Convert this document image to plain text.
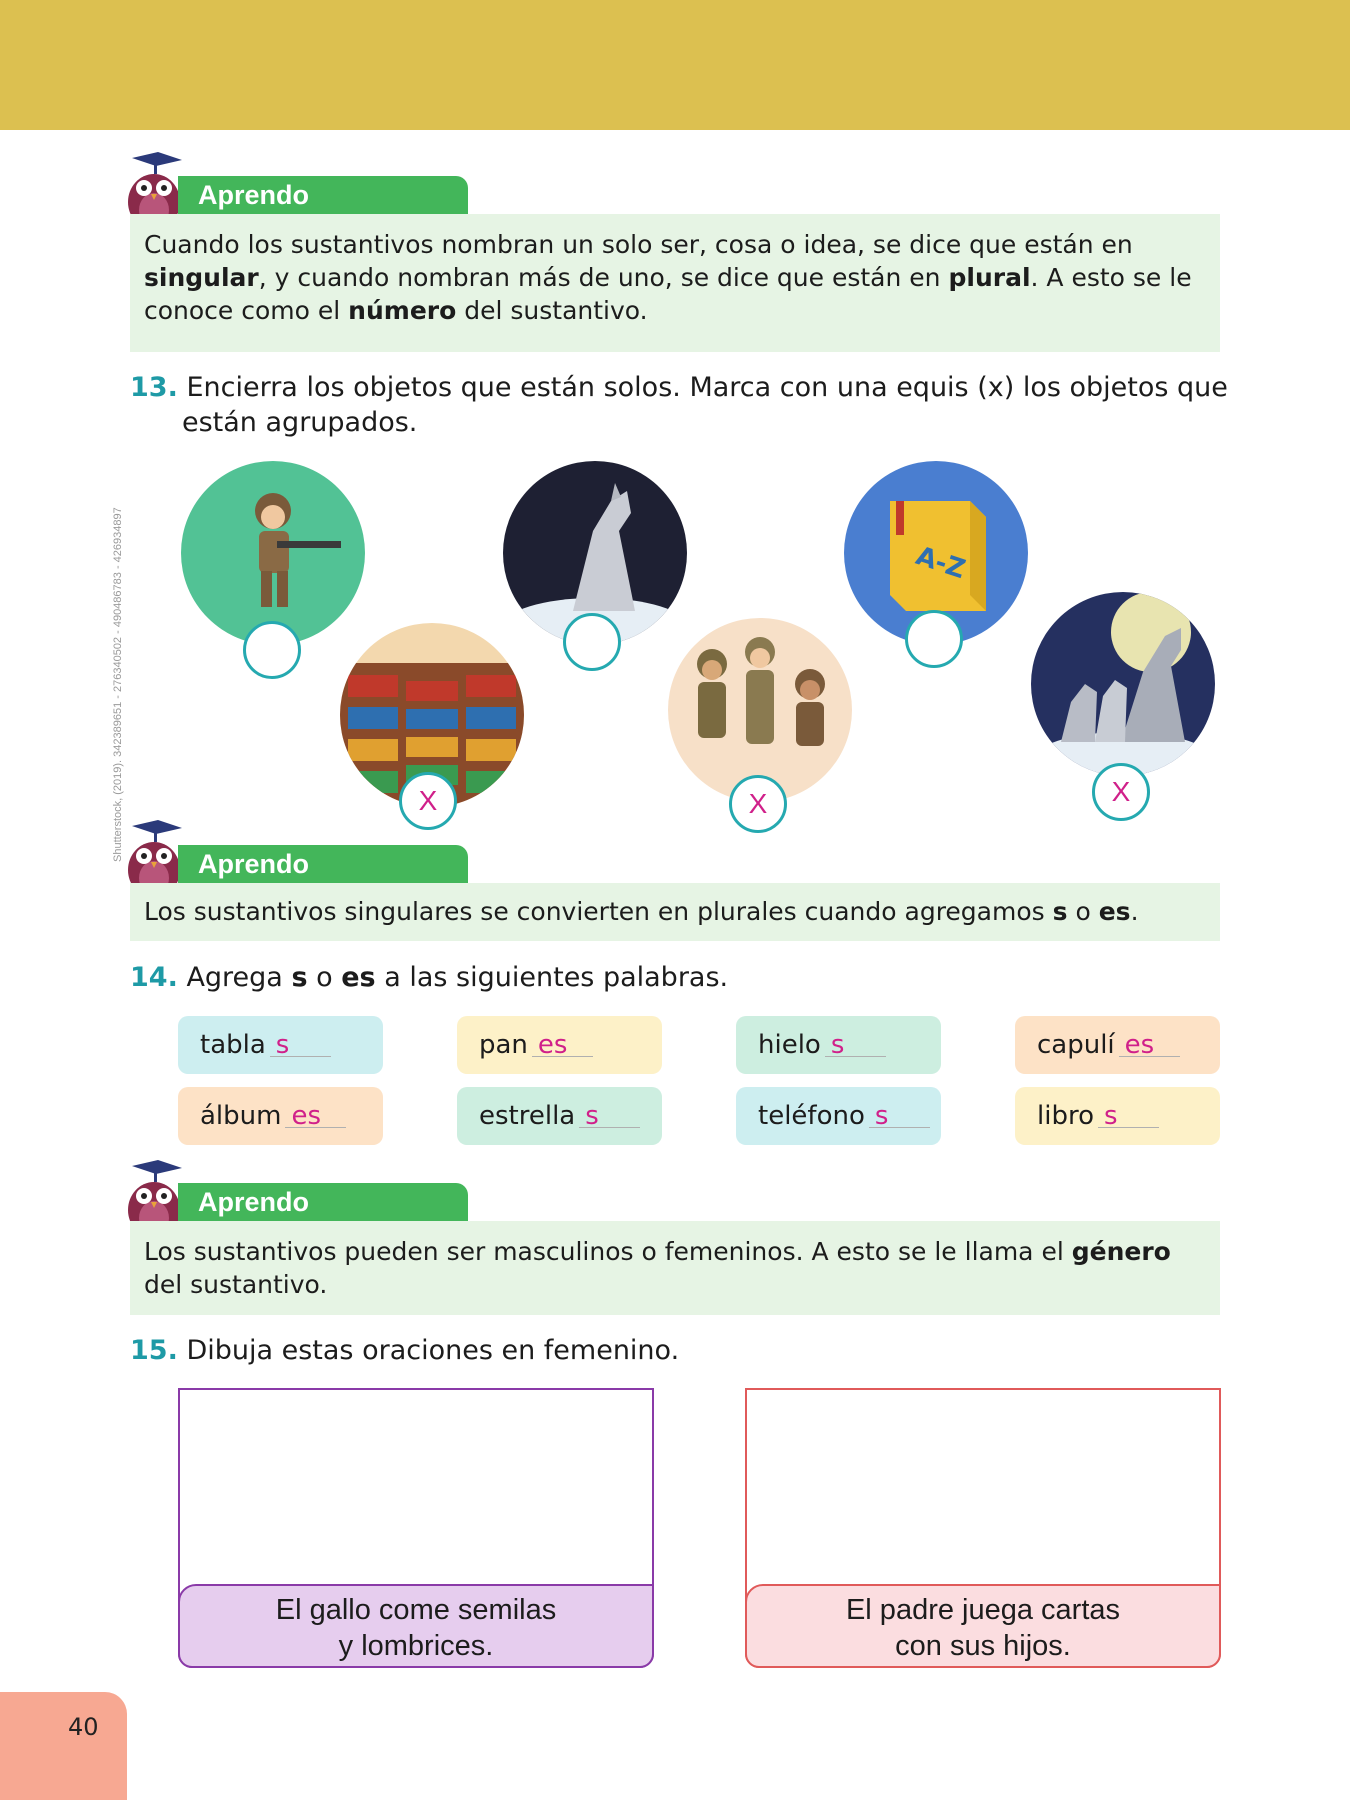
Shutterstock, (2019). 342389651 - 276340502 - 490486783 - 426934897
Aprendo
Cuando los sustantivos nombran un solo ser, cosa o idea, se dice que están en singular, y cuando nombran más de uno, se dice que están en plural. A esto se le conoce como el número del sustantivo.
13. Encierra los objetos que están solos. Marca con una equis (x) los objetos que están agrupados.
X	X
A-Z
X
Aprendo
Los sustantivos singulares se convierten en plurales cuando agregamos s o es.
14. Agrega s o es a las siguientes palabras.
tabla s	pan es	hielo s	capulí es
álbum es	estrella s	teléfono s	libro s
Aprendo
Los sustantivos pueden ser masculinos o femeninos. A esto se le llama el género del sustantivo.
15. Dibuja estas oraciones en femenino.
El gallo come semilas
y lombrices.
El padre juega cartas
con sus hijos.
40
